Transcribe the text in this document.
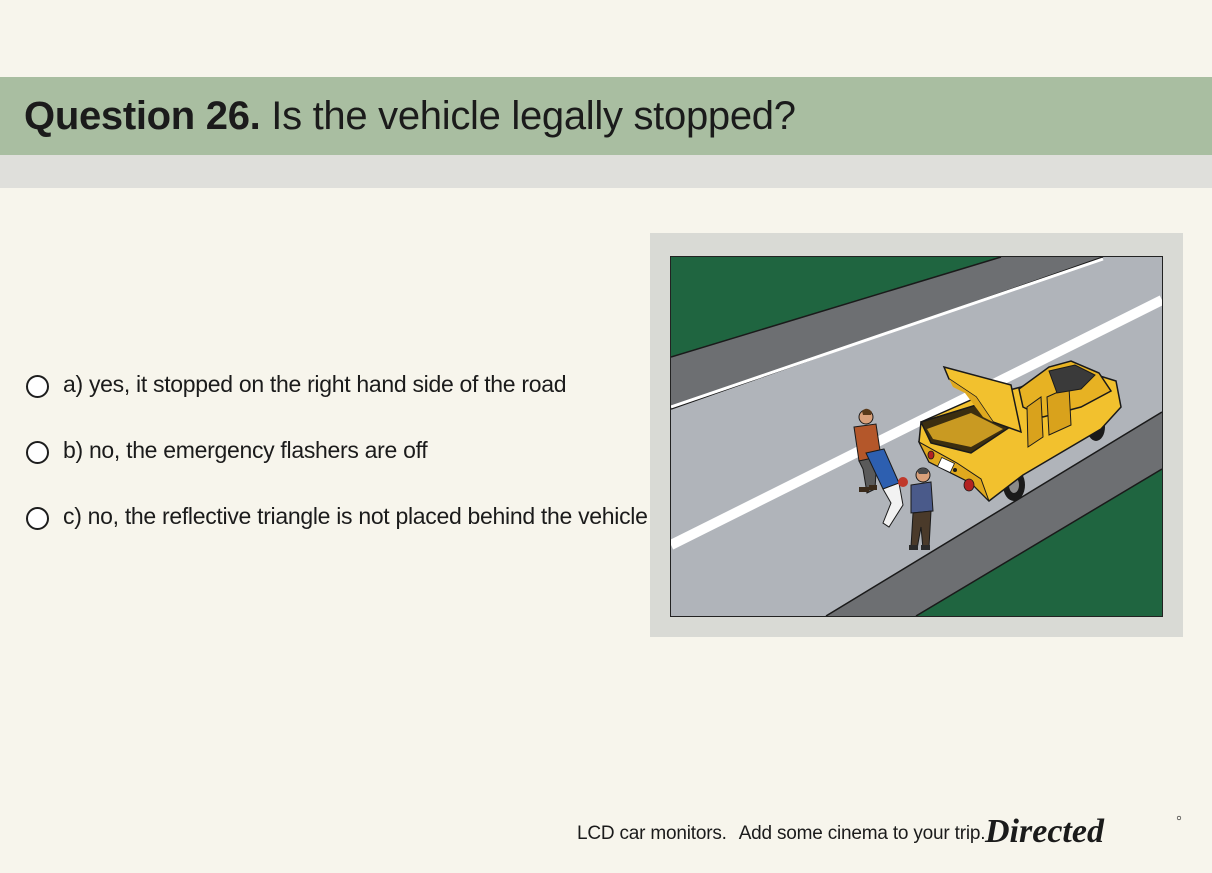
Question 26. Is the vehicle legally stopped?
a) yes, it stopped on the right hand side of the road
b) no, the emergency flashers are off
c) no, the reflective triangle is not placed behind the vehicle
LCD car monitors. Add some cinema to your trip. Directed
